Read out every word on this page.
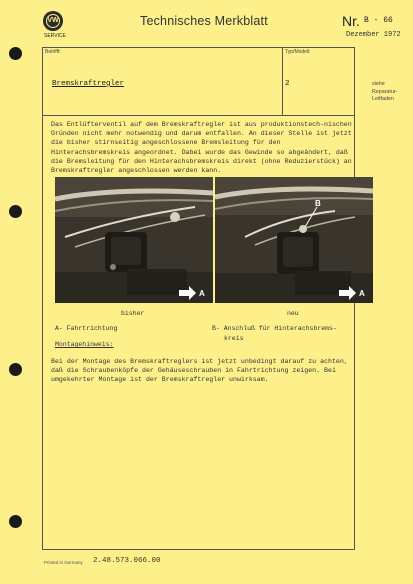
VW
SERVICE
Technisches Merkblatt	Nr. B - 66
Dezember 1972
Betrifft:
Bremskraftregler
Typ/Modell:
2	siehe
Reparatur-
Leitfaden

Das Entlüfterventil auf dem Bremskraftregler ist aus produktionstech-nischen Gründen nicht mehr notwendig und darum entfallen. An dieser Stelle ist jetzt die bisher stirnseitig angeschlossene Bremsleitung für den Hinterachsbremskreis angeordnet. Dabei wurde das Gewinde so abgeändert, daß die Bremsleitung für den Hinterachsbremskreis direkt (ohne Reduzierstück) an Bremskraftregler angeschlossen werden kann.

A
B
A
bisher	neu
A- Fahrtrichtung	B- Anschluß für Hinterachsbrems-
kreis
Montagehinweis:

Bei der Montage des Bremskraftreglers ist jetzt unbedingt darauf zu achten, daß die Schraubenköpfe der Gehäuseschrauben in Fahrtrichtung zeigen. Bei umgekehrter Montage ist der Bremskraftregler unwirksam.

Printed in Germany 2.48.573.066.00
